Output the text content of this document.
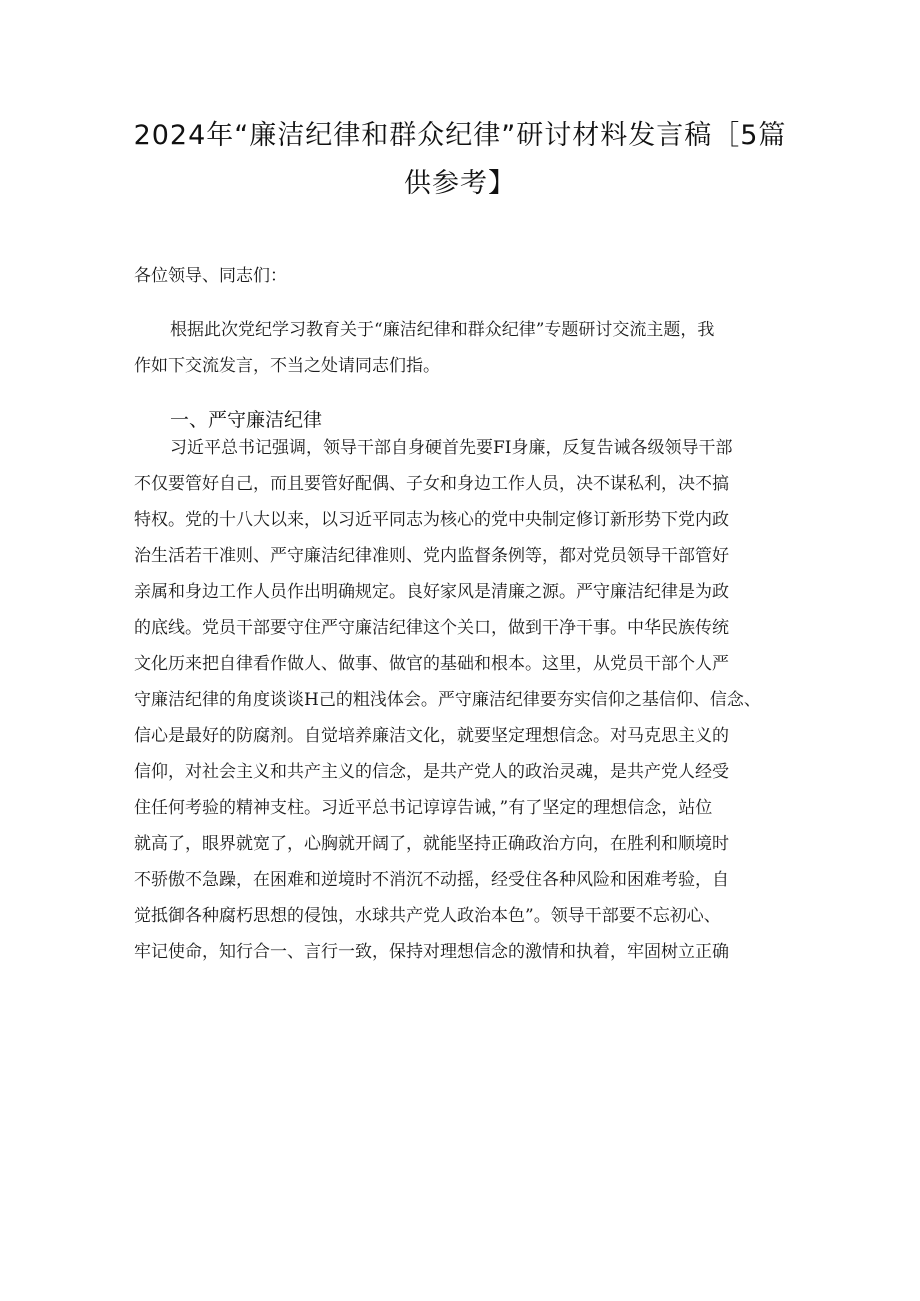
2024年“廉洁纪律和群众纪律”研讨材料发言稿［5篇
供参考】
各位领导、同志们：
根据此次党纪学习教育关于“廉洁纪律和群众纪律”专题研讨交流主题，我
作如下交流发言，不当之处请同志们指。
一、严守廉洁纪律
习近平总书记强调，领导干部自身硬首先要FI身廉，反复告诫各级领导干部
不仅要管好自己，而且要管好配偶、子女和身边工作人员，决不谋私利，决不搞
特权。党的十八大以来，以习近平同志为核心的党中央制定修订新形势下党内政
治生活若干准则、严守廉洁纪律准则、党内监督条例等，都对党员领导干部管好
亲属和身边工作人员作出明确规定。良好家风是清廉之源。严守廉洁纪律是为政
的底线。党员干部要守住严守廉洁纪律这个关口，做到干净干事。中华民族传统
文化历来把自律看作做人、做事、做官的基础和根本。这里，从党员干部个人严
守廉洁纪律的角度谈谈H己的粗浅体会。严守廉洁纪律要夯实信仰之基信仰、信念、
信心是最好的防腐剂。自觉培养廉洁文化，就要坚定理想信念。对马克思主义的
信仰，对社会主义和共产主义的信念，是共产党人的政治灵魂，是共产党人经受
住任何考验的精神支柱。习近平总书记谆谆告诫，”有了坚定的理想信念，站位
就高了，眼界就宽了，心胸就开阔了，就能坚持正确政治方向，在胜利和顺境时
不骄傲不急躁，在困难和逆境时不消沉不动摇，经受住各种风险和困难考验，自
觉抵御各种腐朽思想的侵蚀，水球共产党人政治本色”。领导干部要不忘初心、
牢记使命，知行合一、言行一致，保持对理想信念的激情和执着，牢固树立正确
